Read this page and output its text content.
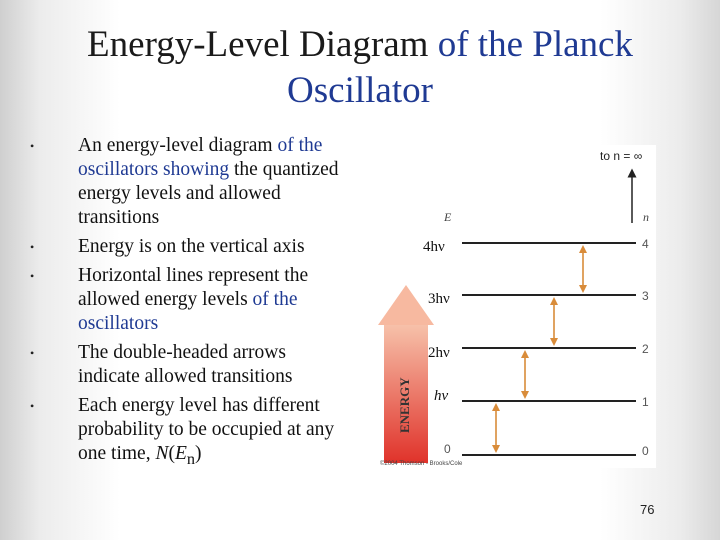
Energy-Level Diagram of the Planck
Oscillator
• An energy-level diagram of the oscillators showing the quantized energy levels and allowed transitions
• Energy is on the vertical axis
• Horizontal lines represent the allowed energy levels of the oscillators
• The double-headed arrows indicate allowed transitions
• Each energy level has different probability to be occupied at any one time, $N(E_n)$
to n = ∞
E	n
4
3
2
1
0
4hν
3hν
2hν
hν
0
ENERGY
©2004 Thomson - Brooks/Cole
76
